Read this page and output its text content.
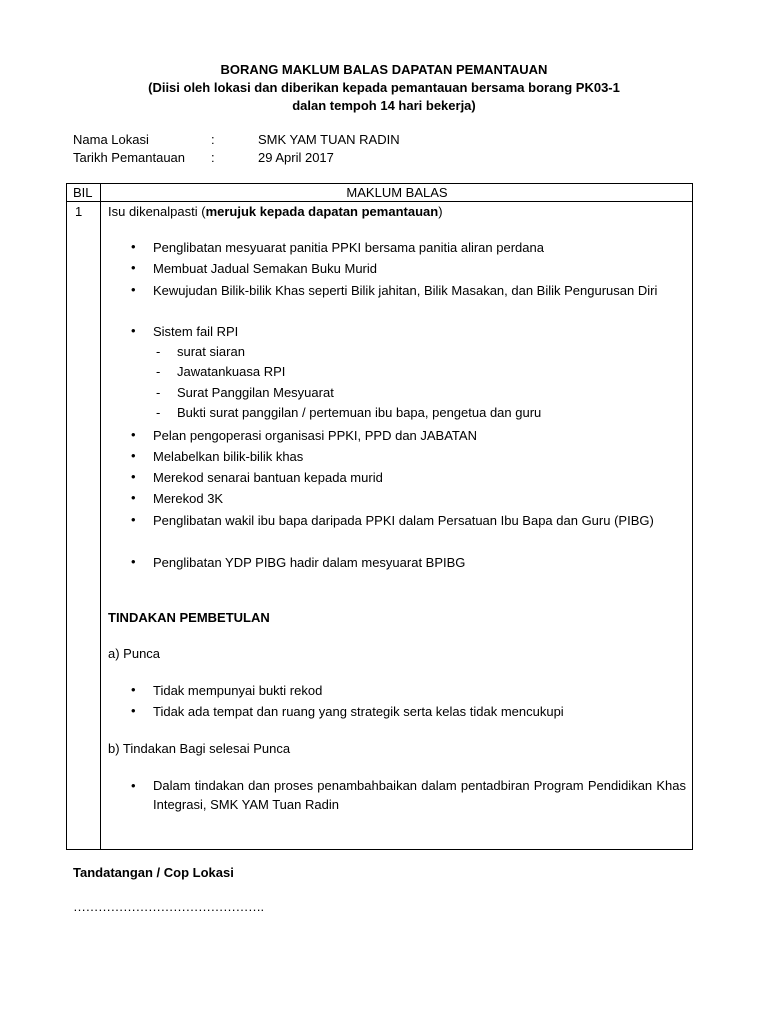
BORANG MAKLUM BALAS DAPATAN PEMANTAUAN
(Diisi oleh lokasi dan diberikan kepada pemantauan bersama borang PK03-1
dalan tempoh 14 hari bekerja)
Nama Lokasi	:	SMK YAM TUAN RADIN
Tarikh Pemantauan :	29 April 2017
BIL	MAKLUM BALAS
1 Isu dikenalpasti (merujuk kepada dapatan pemantauan)
• Penglibatan mesyuarat panitia PPKI bersama panitia aliran perdana
• Membuat Jadual Semakan Buku Murid
• Kewujudan Bilik-bilik Khas seperti Bilik jahitan, Bilik Masakan, dan Bilik Pengurusan Diri
• Sistem fail RPI
- surat siaran
- Jawatankuasa RPI
- Surat Panggilan Mesyuarat
- Bukti surat panggilan / pertemuan ibu bapa, pengetua dan guru
• Pelan pengoperasi organisasi PPKI, PPD dan JABATAN
• Melabelkan bilik-bilik khas
• Merekod senarai bantuan kepada murid
• Merekod 3K
• Penglibatan wakil ibu bapa daripada PPKI dalam Persatuan Ibu Bapa dan Guru (PIBG)
• Penglibatan YDP PIBG hadir dalam mesyuarat BPIBG
TINDAKAN PEMBETULAN
a) Punca
• Tidak mempunyai bukti rekod
• Tidak ada tempat dan ruang yang strategik serta kelas tidak mencukupi
b) Tindakan Bagi selesai Punca
• Dalam tindakan dan proses penambahbaikan dalam pentadbiran Program Pendidikan Khas Integrasi, SMK YAM Tuan Radin
Tandatangan / Cop Lokasi
……………………………………….
